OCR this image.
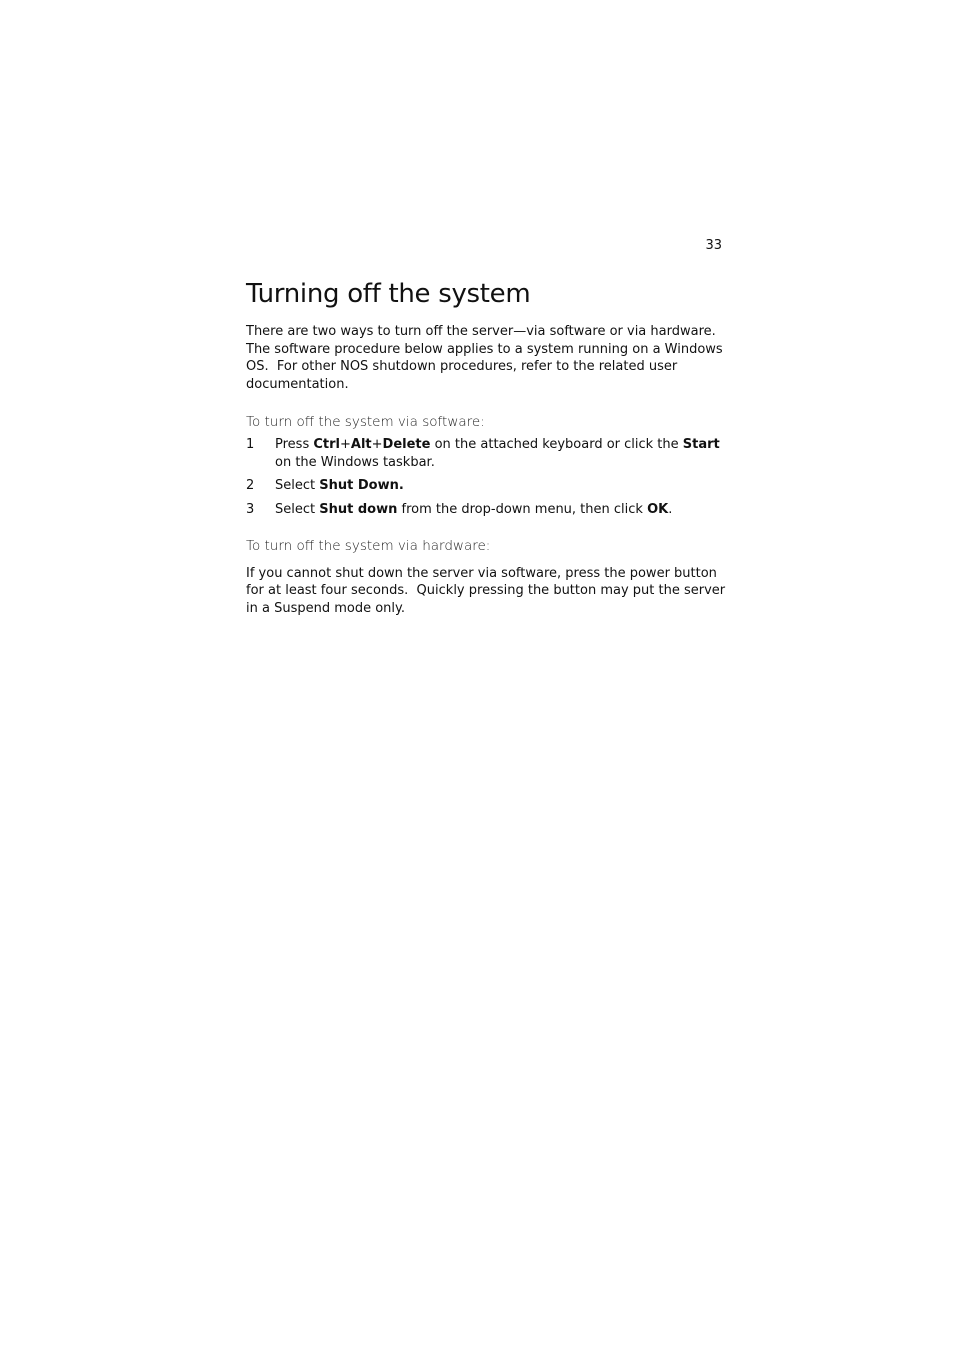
33
Turning off the system

There are two ways to turn off the server—via software or via hardware.  The software procedure below applies to a system running on a Windows OS.  For other NOS shutdown procedures, refer to the related user documentation.

To turn off the system via software:

1 Press Ctrl+Alt+Delete on the attached keyboard or click the Start on the Windows taskbar.
2 Select Shut Down.
3 Select Shut down from the drop-down menu, then click OK.

To turn off the system via hardware:

If you cannot shut down the server via software, press the power button for at least four seconds.  Quickly pressing the button may put the server in a Suspend mode only.
